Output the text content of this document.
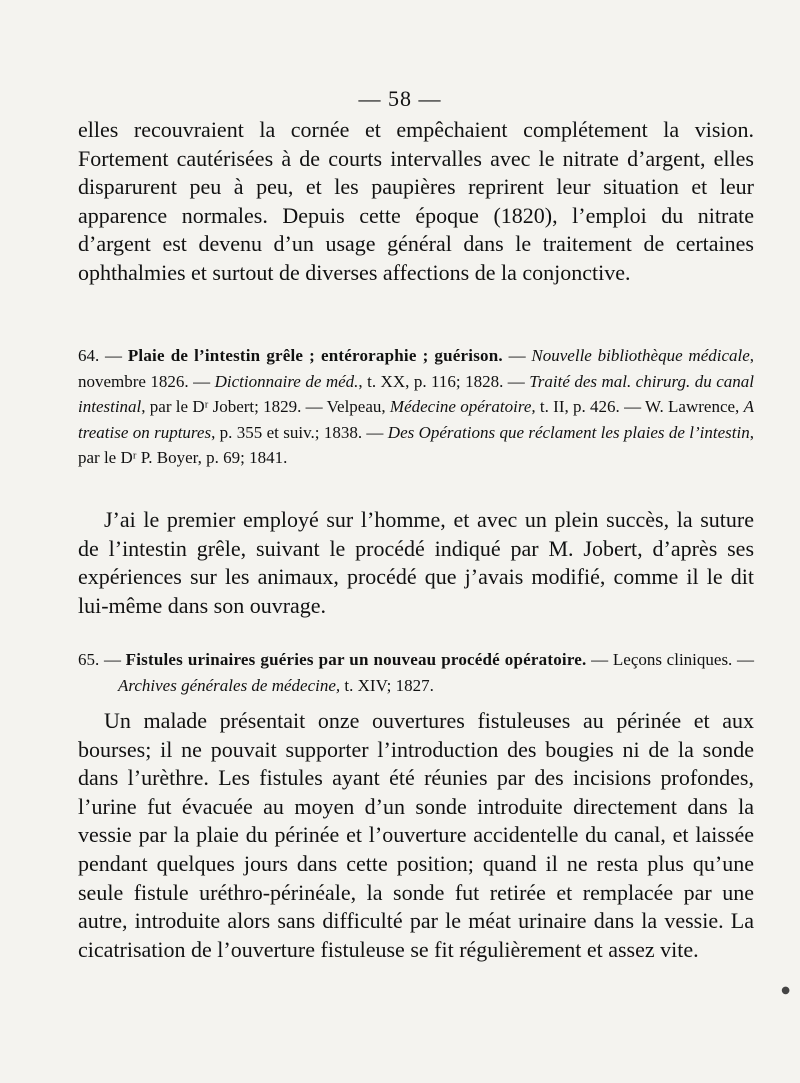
— 58 —

elles recouvraient la cornée et empêchaient complétement la vision. Fortement cautérisées à de courts intervalles avec le nitrate d’argent, elles disparurent peu à peu, et les paupières reprirent leur situation et leur apparence normales. Depuis cette époque (1820), l’emploi du nitrate d’argent est devenu d’un usage général dans le traitement de certaines ophthalmies et surtout de diverses affections de la conjonctive.

64. — Plaie de l’intestin grêle ; entéroraphie ; guérison. — Nouvelle bibliothèque médicale, novembre 1826. — Dictionnaire de méd., t. XX, p. 116; 1828. — Traité des mal. chirurg. du canal intestinal, par le Dʳ Jobert; 1829. — Velpeau, Médecine opératoire, t. II, p. 426. — W. Lawrence, A treatise on ruptures, p. 355 et suiv.; 1838. — Des Opérations que réclament les plaies de l’intestin, par le Dʳ P. Boyer, p. 69; 1841.

J’ai le premier employé sur l’homme, et avec un plein succès, la suture de l’intestin grêle, suivant le procédé indiqué par M. Jobert, d’après ses expériences sur les animaux, procédé que j’avais modifié, comme il le dit lui-même dans son ouvrage.

65. — Fistules urinaires guéries par un nouveau procédé opératoire. — Leçons cliniques. — Archives générales de médecine, t. XIV; 1827.

Un malade présentait onze ouvertures fistuleuses au périnée et aux bourses; il ne pouvait supporter l’introduction des bougies ni de la sonde dans l’urèthre. Les fistules ayant été réunies par des incisions profondes, l’urine fut évacuée au moyen d’un sonde introduite directement dans la vessie par la plaie du périnée et l’ouverture accidentelle du canal, et laissée pendant quelques jours dans cette position; quand il ne resta plus qu’une seule fistule uréthro-périnéale, la sonde fut retirée et remplacée par une autre, introduite alors sans difficulté par le méat urinaire dans la vessie. La cicatrisation de l’ouverture fistuleuse se fit régulièrement et assez vite.

●
